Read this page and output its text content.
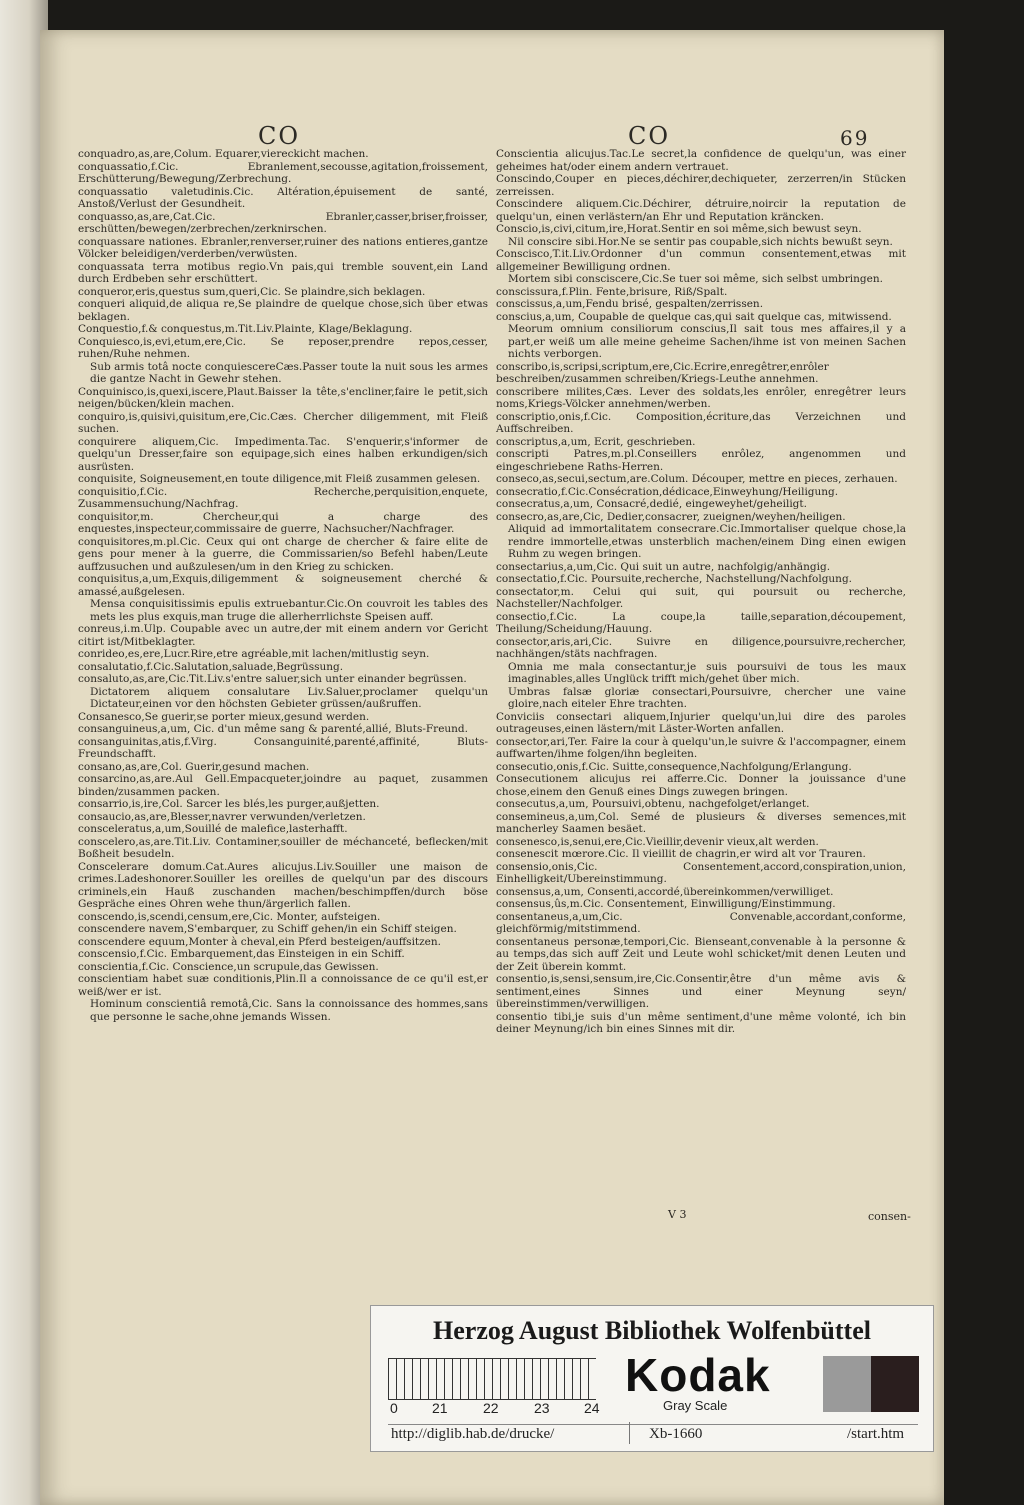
CO	CO	69

conquadro,as,are,Colum. Equarer,viereckicht machen.

conquassatio,f.Cic. Ebranlement,secousse,agitation,froissement, Erschütterung/Bewegung/Zerbrechung.

conquassatio valetudinis.Cic. Altération,épuisement de santé, Anstoß/Verlust der Gesundheit.

conquasso,as,are,Cat.Cic. Ebranler,casser,briser,froisser, erschütten/bewegen/zerbrechen/zerknirschen.

conquassare nationes. Ebranler,renverser,ruiner des nations entieres,gantze Völcker beleidigen/verderben/verwüsten.

conquassata terra motibus regio.Vn pais,qui tremble souvent,ein Land durch Erdbeben sehr erschüttert.

conqueror,eris,questus sum,queri,Cic. Se plaindre,sich beklagen.

conqueri aliquid,de aliqua re,Se plaindre de quelque chose,sich über etwas beklagen.

Conquestio,f.& conquestus,m.Tit.Liv.Plainte, Klage/Beklagung.

Conquiesco,is,evi,etum,ere,Cic. Se reposer,prendre repos,cesser, ruhen/Ruhe nehmen.

Sub armis totâ nocte conquiescereCæs.Passer toute la nuit sous les armes die gantze Nacht in Gewehr stehen.

Conquinisco,is,quexi,iscere,Plaut.Baisser la tête,s'encliner,faire le petit,sich neigen/bücken/klein machen.

conquiro,is,quisivi,quisitum,ere,Cic.Cæs. Chercher diligemment, mit Fleiß suchen.

conquirere aliquem,Cic. Impedimenta.Tac. S'enquerir,s'informer de quelqu'un Dresser,faire son equipage,sich eines halben erkundigen/sich ausrüsten.

conquisite, Soigneusement,en toute diligence,mit Fleiß zusammen gelesen.

conquisitio,f.Cic. Recherche,perquisition,enquete, Zusammensuchung/Nachfrag.

conquisitor,m. Chercheur,qui a charge des enquestes,inspecteur,commissaire de guerre, Nachsucher/Nachfrager.

conquisitores,m.pl.Cic. Ceux qui ont charge de chercher & faire elite de gens pour mener à la guerre, die Commissarien/so Befehl haben/Leute auffzusuchen und außzulesen/um in den Krieg zu schicken.

conquisitus,a,um,Exquis,diligemment & soigneusement cherché & amassé,außgelesen.

Mensa conquisitissimis epulis extruebantur.Cic.On couvroit les tables des mets les plus exquis,man truge die allerherrlichste Speisen auff.

conreus,i.m.Ulp. Coupable avec un autre,der mit einem andern vor Gericht citirt ist/Mitbeklagter.

conrideo,es,ere,Lucr.Rire,etre agréable,mit lachen/mitlustig seyn.

consalutatio,f.Cic.Salutation,saluade,Begrüssung.

consaluto,as,are,Cic.Tit.Liv.s'entre saluer,sich unter einander begrüssen.

Dictatorem aliquem consalutare Liv.Saluer,proclamer quelqu'un Dictateur,einen vor den höchsten Gebieter grüssen/außruffen.

Consanesco,Se guerir,se porter mieux,gesund werden.

consanguineus,a,um, Cic. d'un même sang & parenté,allié, Bluts-Freund.

consanguinitas,atis,f.Virg. Consanguinité,parenté,affinité, Bluts-Freundschafft.

consano,as,are,Col. Guerir,gesund machen.

consarcino,as,are.Aul Gell.Empacqueter,joindre au paquet, zusammen binden/zusammen packen.

consarrio,is,ire,Col. Sarcer les blés,les purger,außjetten.

consaucio,as,are,Blesser,navrer verwunden/verletzen.

consceleratus,a,um,Souillé de malefice,lasterhafft.

conscelero,as,are.Tit.Liv. Contaminer,souiller de méchanceté, beflecken/mit Boßheit besudeln.

Conscelerare domum.Cat.Aures alicujus.Liv.Souiller une maison de crimes.Ladeshonorer.Souiller les oreilles de quelqu'un par des discours criminels,ein Hauß zuschanden machen/beschimpffen/durch böse Gespräche eines Ohren wehe thun/ärgerlich fallen.

conscendo,is,scendi,censum,ere,Cic. Monter, aufsteigen.

conscendere navem,S'embarquer, zu Schiff gehen/in ein Schiff steigen.

conscendere equum,Monter à cheval,ein Pferd besteigen/auffsitzen.

conscensio,f.Cic. Embarquement,das Einsteigen in ein Schiff.

conscientia,f.Cic. Conscience,un scrupule,das Gewissen.

conscientiam habet suæ conditionis,Plin.Il a connoissance de ce qu'il est,er weiß/wer er ist.

Hominum conscientiâ remotâ,Cic. Sans la connoissance des hommes,sans que personne le sache,ohne jemands Wissen.

Conscientia alicujus.Tac.Le secret,la confidence de quelqu'un, was einer geheimes hat/oder einem andern vertrauet.

Conscindo,Couper en pieces,déchirer,dechiqueter, zerzerren/in Stücken zerreissen.

Conscindere aliquem.Cic.Déchirer, détruire,noircir la reputation de quelqu'un, einen verlästern/an Ehr und Reputation kräncken.

Conscio,is,civi,citum,ire,Horat.Sentir en soi même,sich bewust seyn.

Nil conscire sibi.Hor.Ne se sentir pas coupable,sich nichts bewußt seyn.

Conscisco,T.it.Liv.Ordonner d'un commun consentement,etwas mit allgemeiner Bewilligung ordnen.

Mortem sibi consciscere,Cic.Se tuer soi même, sich selbst umbringen.

conscissura,f.Plin. Fente,brisure, Riß/Spalt.

conscissus,a,um,Fendu brisé, gespalten/zerrissen.

conscius,a,um, Coupable de quelque cas,qui sait quelque cas, mitwissend.

Meorum omnium consiliorum conscius,Il sait tous mes affaires,il y a part,er weiß um alle meine geheime Sachen/ihme ist von meinen Sachen nichts verborgen.

conscribo,is,scripsi,scriptum,ere,Cic.Ecrire,enregêtrer,enrôler beschreiben/zusammen schreiben/Kriegs-Leuthe annehmen.

conscribere milites,Cæs. Lever des soldats,les enrôler, enregêtrer leurs noms,Kriegs-Völcker annehmen/werben.

conscriptio,onis,f.Cic. Composition,écriture,das Verzeichnen und Auffschreiben.

conscriptus,a,um, Ecrit, geschrieben.

conscripti Patres,m.pl.Conseillers enrôlez, angenommen und eingeschriebene Raths-Herren.

conseco,as,secui,sectum,are.Colum. Découper, mettre en pieces, zerhauen.

consecratio,f.Cic.Consécration,dédicace,Einweyhung/Heiligung.

consecratus,a,um, Consacré,dedié, eingeweyhet/geheiligt.

consecro,as,are,Cic, Dedier,consacrer, zueignen/weyhen/heiligen.

Aliquid ad immortalitatem consecrare.Cic.Immortaliser quelque chose,la rendre immortelle,etwas unsterblich machen/einem Ding einen ewigen Ruhm zu wegen bringen.

consectarius,a,um,Cic. Qui suit un autre, nachfolgig/anhängig.

consectatio,f.Cic. Poursuite,recherche, Nachstellung/Nachfolgung.

consectator,m. Celui qui suit, qui poursuit ou recherche, Nachsteller/Nachfolger.

consectio,f.Cic. La coupe,la taille,separation,découpement, Theilung/Scheidung/Hauung.

consector,aris,ari,Cic. Suivre en diligence,poursuivre,rechercher, nachhängen/stäts nachfragen.

Omnia me mala consectantur,je suis poursuivi de tous les maux imaginables,alles Unglück trifft mich/gehet über mich.

Umbras falsæ gloriæ consectari,Poursuivre, chercher une vaine gloire,nach eiteler Ehre trachten.

Conviciis consectari aliquem,Injurier quelqu'un,lui dire des paroles outrageuses,einen lästern/mit Läster-Worten anfallen.

consector,ari,Ter. Faire la cour à quelqu'un,le suivre & l'accompagner, einem auffwarten/ihme folgen/ihn begleiten.

consecutio,onis,f.Cic. Suitte,consequence,Nachfolgung/Erlangung.

Consecutionem alicujus rei afferre.Cic. Donner la jouissance d'une chose,einem den Genuß eines Dings zuwegen bringen.

consecutus,a,um, Poursuivi,obtenu, nachgefolget/erlanget.

consemineus,a,um,Col. Semé de plusieurs & diverses semences,mit mancherley Saamen besäet.

consenesco,is,senui,ere,Cic.Vieillir,devenir vieux,alt werden.

consenescit mœrore.Cic. Il vieillit de chagrin,er wird alt vor Trauren.

consensio,onis,Cic. Consentement,accord,conspiration,union, Einhelligkeit/Ubereinstimmung.

consensus,a,um, Consenti,accordé,übereinkommen/verwilliget.

consensus,ûs,m.Cic. Consentement, Einwilligung/Einstimmung.

consentaneus,a,um,Cic. Convenable,accordant,conforme, gleichförmig/mitstimmend.

consentaneus personæ,tempori,Cic. Bienseant,convenable à la personne & au temps,das sich auff Zeit und Leute wohl schicket/mit denen Leuten und der Zeit überein kommt.

consentio,is,sensi,sensum,ire,Cic.Consentir,être d'un même avis & sentiment,eines Sinnes und einer Meynung seyn/übereinstimmen/verwilligen.

consentio tibi,je suis d'un même sentiment,d'une même volonté, ich bin deiner Meynung/ich bin eines Sinnes mit dir.

V 3	consen-
Herzog August Bibliothek Wolfenbüttel
0 21	22	23 24
Kodak
Gray Scale
http://diglib.hab.de/drucke/	Xb-1660	/start.htm
